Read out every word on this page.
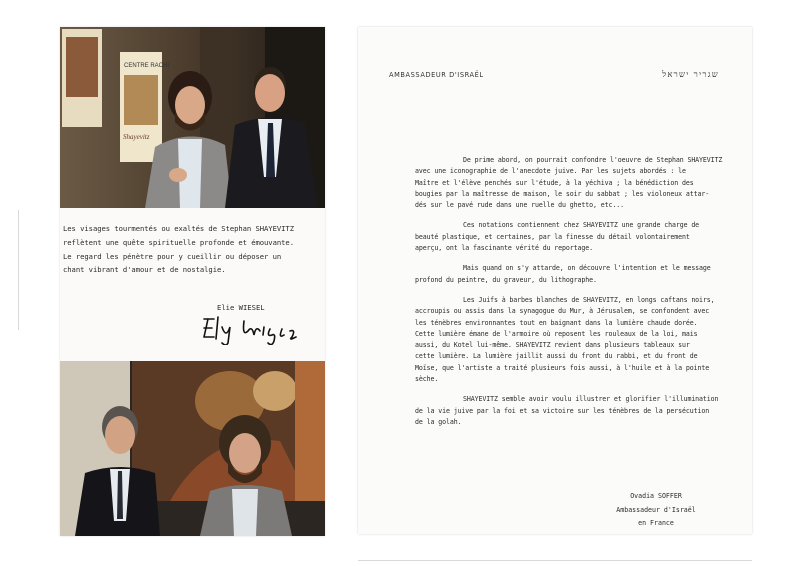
CENTRE RACHI
Shayevitz

Les visages tourmentés ou exaltés de Stephan SHAYEVITZ

reflètent une quête spirituelle profonde et émouvante.

Le regard les pénètre pour y cueillir ou déposer un

chant vibrant d'amour et de nostalgie.

Elie WIESEL
AMBASSADEUR D'ISRAËL	שגריר ישראל

De prime abord, on pourrait confondre l'oeuvre de Stephan SHAYEVITZ
avec une iconographie de l'anecdote juive. Par les sujets abordés : le
Maître et l'élève penchés sur l'étude, à la yéchiva ; la bénédiction des
bougies par la maîtresse de maison, le soir du sabbat ; les violoneux attar-
dés sur le pavé rude dans une ruelle du ghetto, etc...

Ces notations contiennent chez SHAYEVITZ une grande charge de
beauté plastique, et certaines, par la finesse du détail volontairement
aperçu, ont la fascinante vérité du reportage.

Mais quand on s'y attarde, on découvre l'intention et le message
profond du peintre, du graveur, du lithographe.

Les Juifs à barbes blanches de SHAYEVITZ, en longs caftans noirs,
accroupis ou assis dans la synagogue du Mur, à Jérusalem, se confondent avec
les ténèbres environnantes tout en baignant dans la lumière chaude dorée.
Cette lumière émane de l'armoire où reposent les rouleaux de la loi, mais
aussi, du Kotel lui-même. SHAYEVITZ revient dans plusieurs tableaux sur
cette lumière. La lumière jaillit aussi du front du rabbi, et du front de
Moïse, que l'artiste a traité plusieurs fois aussi, à l'huile et à la pointe
sèche.

SHAYEVITZ semble avoir voulu illustrer et glorifier l'illumination
de la vie juive par la foi et sa victoire sur les ténèbres de la persécution
de la golah.

Ovadia SOFFER
Ambassadeur d'Israël
en France
